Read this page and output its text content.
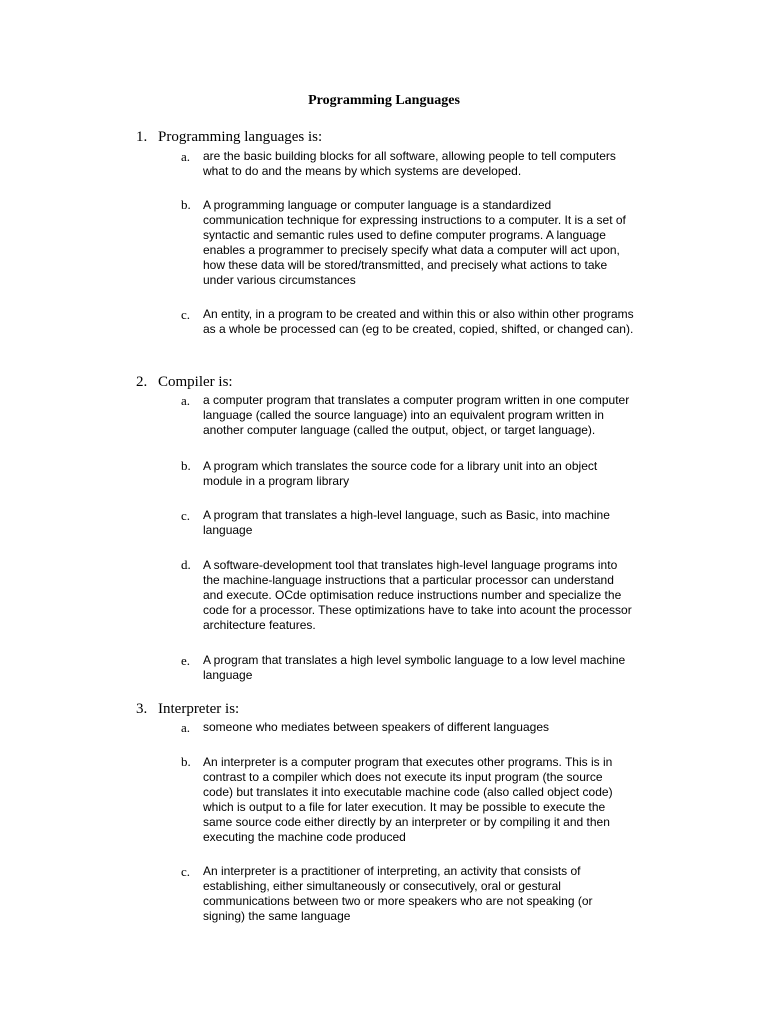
Programming Languages
1. Programming languages is:
a. are the basic building blocks for all software, allowing people to tell computers
what to do and the means by which systems are developed.
b. A programming language or computer language is a standardized
communication technique for expressing instructions to a computer. It is a set of
syntactic and semantic rules used to define computer programs. A language
enables a programmer to precisely specify what data a computer will act upon,
how these data will be stored/transmitted, and precisely what actions to take
under various circumstances
c. An entity, in a program to be created and within this or also within other programs
as a whole be processed can (eg to be created, copied, shifted, or changed can).
2. Compiler is:
a. a computer program that translates a computer program written in one computer
language (called the source language) into an equivalent program written in
another computer language (called the output, object, or target language).
b. A program which translates the source code for a library unit into an object
module in a program library
c. A program that translates a high-level language, such as Basic, into machine
language
d. A software-development tool that translates high-level language programs into
the machine-language instructions that a particular processor can understand
and execute. OCde optimisation reduce instructions number and specialize the
code for a processor. These optimizations have to take into acount the processor
architecture features.
e. A program that translates a high level symbolic language to a low level machine
language
3. Interpreter is:
a. someone who mediates between speakers of different languages
b. An interpreter is a computer program that executes other programs. This is in
contrast to a compiler which does not execute its input program (the source
code) but translates it into executable machine code (also called object code)
which is output to a file for later execution. It may be possible to execute the
same source code either directly by an interpreter or by compiling it and then
executing the machine code produced
c. An interpreter is a practitioner of interpreting, an activity that consists of
establishing, either simultaneously or consecutively, oral or gestural
communications between two or more speakers who are not speaking (or
signing) the same language
